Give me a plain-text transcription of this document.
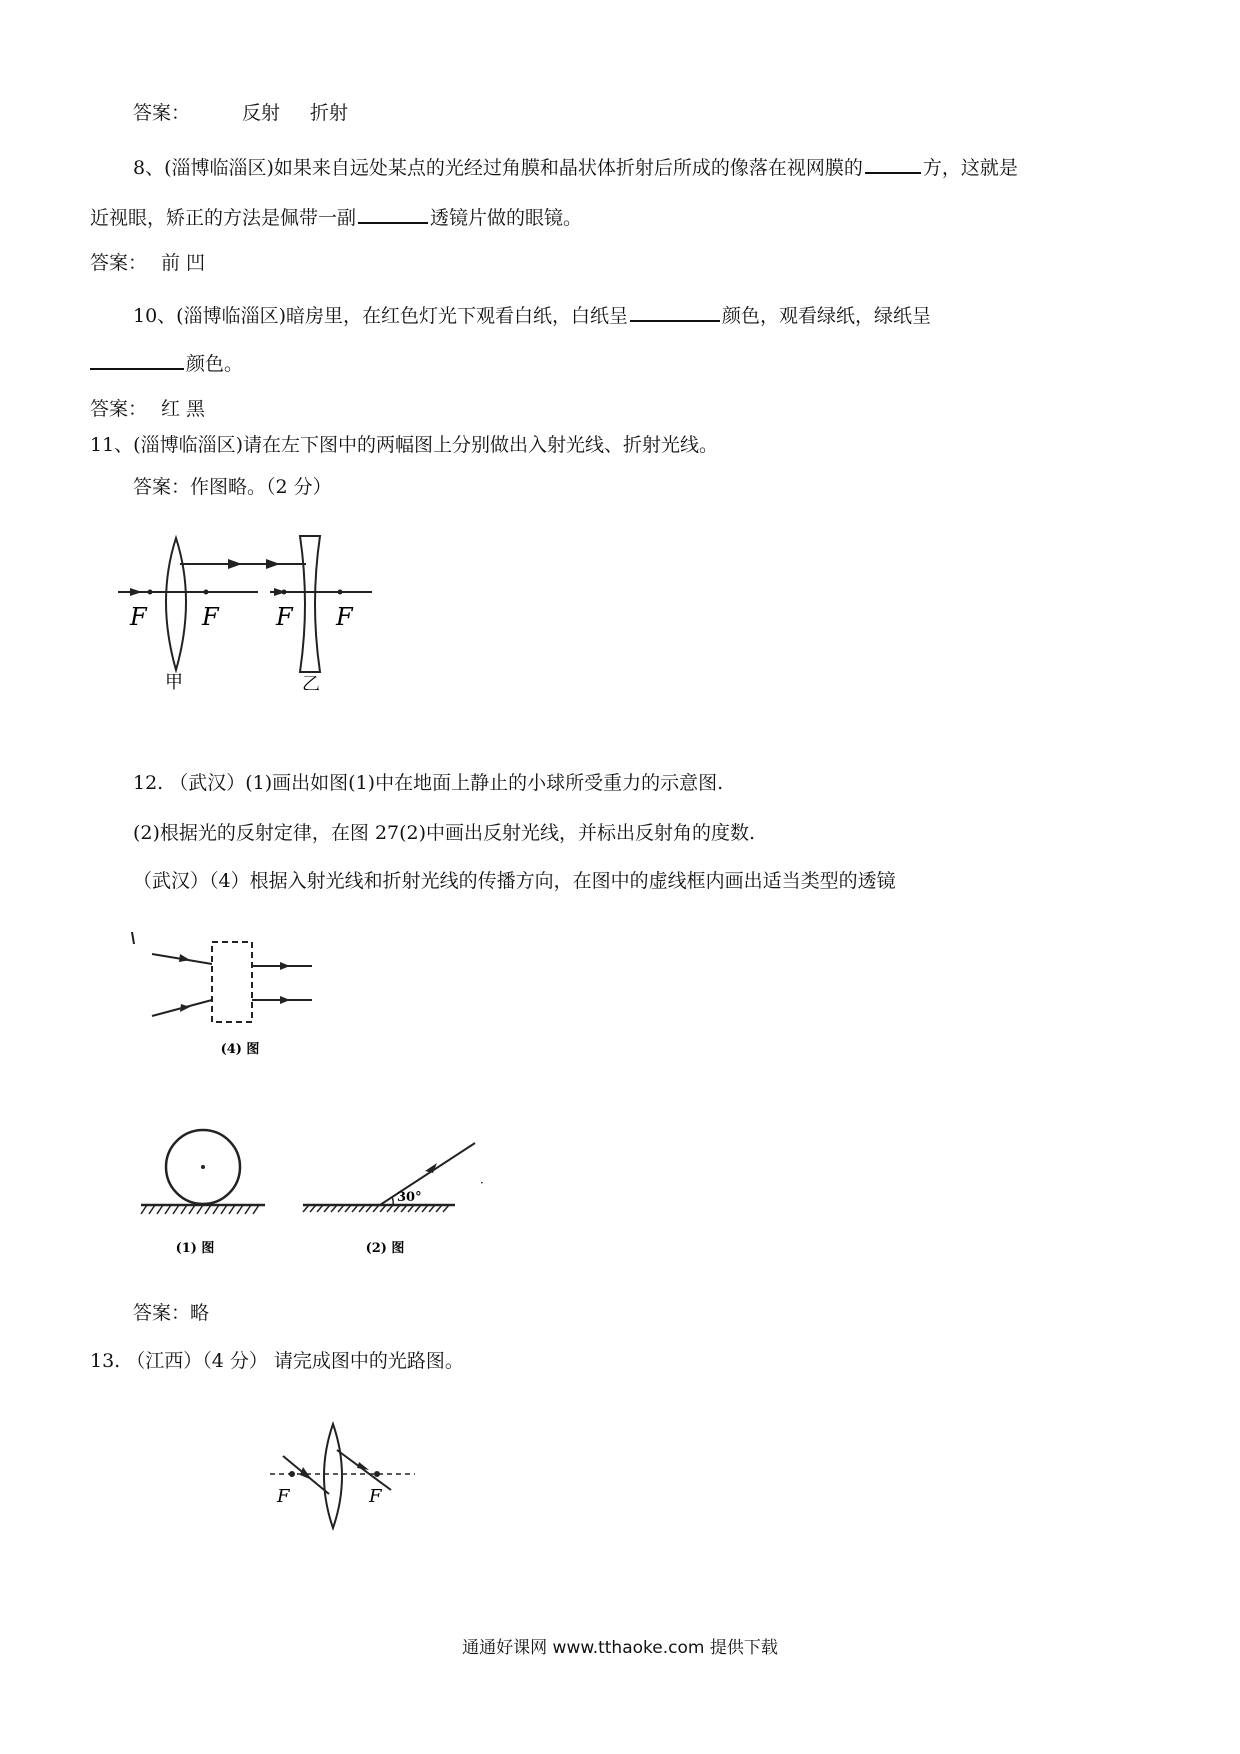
答案：	反射 折射
8、(淄博临淄区)如果来自远处某点的光经过角膜和晶状体折射后所成的像落在视网膜的	方，这就是
近视眼，矫正的方法是佩带一副	透镜片做的眼镜。
答案： 前 凹
10、(淄博临淄区)暗房里，在红色灯光下观看白纸，白纸呈	颜色，观看绿纸，绿纸呈
颜色。
答案： 红 黑
11、(淄博临淄区)请在左下图中的两幅图上分别做出入射光线、折射光线。
答案：作图略。（2 分）
F F
甲
F F
乙
12. （武汉）(1)画出如图(1)中在地面上静止的小球所受重力的示意图.
(2)根据光的反射定律，在图 27(2)中画出反射光线，并标出反射角的度数.
（武汉）（4）根据入射光线和折射光线的传播方向，在图中的虚线框内画出适当类型的透镜
(4) 图
(1) 图
30°
·
(2) 图
答案：略
13. （江西）（4 分） 请完成图中的光路图。
F	F
通通好课网 www.tthaoke.com 提供下载
